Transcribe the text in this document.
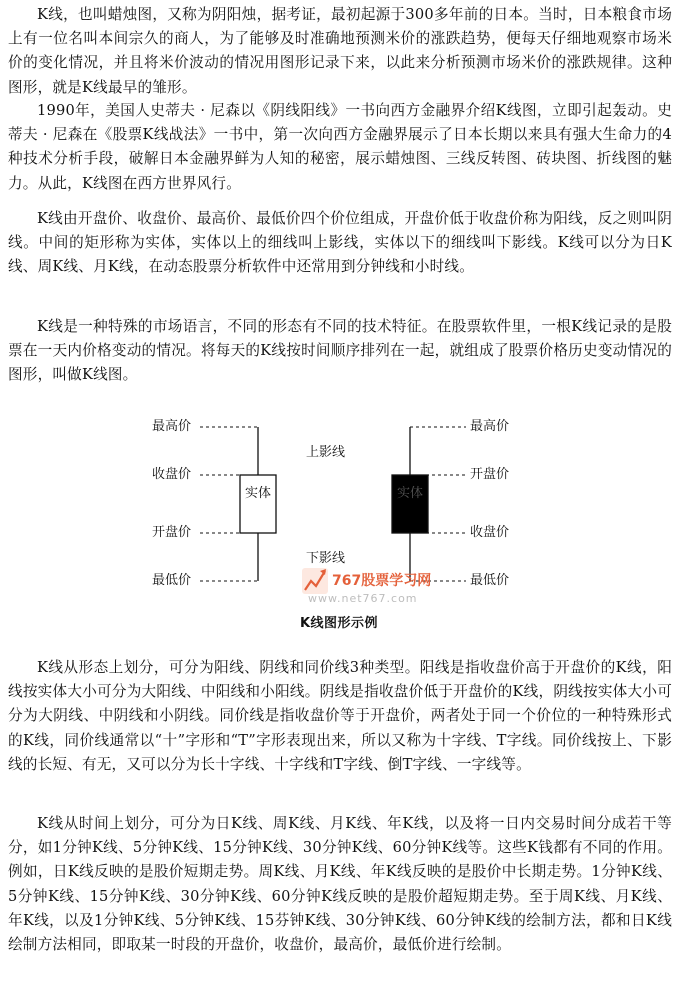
K线，也叫蜡烛图，又称为阴阳烛，据考证，最初起源于300多年前的日本。当时，日本粮食市场上有一位名叫本间宗久的商人，为了能够及时准确地预测米价的涨跌趋势，便每天仔细地观察市场米价的变化情况，并且将米价波动的情况用图形记录下来，以此来分析预测市场米价的涨跌规律。这种图形，就是K线最早的雏形。

1990年，美国人史蒂夫 · 尼森以《阴线阳线》一书向西方金融界介绍K线图，立即引起轰动。史蒂夫 · 尼森在《股票K线战法》一书中，第一次向西方金融界展示了日本长期以来具有强大生命力的4种技术分析手段，破解日本金融界鲜为人知的秘密，展示蜡烛图、三线反转图、砖块图、折线图的魅力。从此，K线图在西方世界风行。

K线由开盘价、收盘价、最高价、最低价四个价位组成，开盘价低于收盘价称为阳线，反之则叫阴线。中间的矩形称为实体，实体以上的细线叫上影线，实体以下的细线叫下影线。K线可以分为日K线、周K线、月K线，在动态股票分析软件中还常用到分钟线和小时线。

K线是一种特殊的市场语言，不同的形态有不同的技术特征。在股票软件里，一根K线记录的是股票在一天内价格变动的情况。将每天的K线按时间顺序排列在一起，就组成了股票价格历史变动情况的图形，叫做K线图。

最高价
收盘价
开盘价
最低价
实体
上影线
下影线
最高价
开盘价
收盘价
最低价
实体
767股票学习网
www.net767.com
K线图形示例

K线从形态上划分，可分为阳线、阴线和同价线3种类型。阳线是指收盘价高于开盘价的K线，阳线按实体大小可分为大阳线、中阳线和小阳线。阴线是指收盘价低于开盘价的K线，阴线按实体大小可分为大阴线、中阴线和小阴线。同价线是指收盘价等于开盘价，两者处于同一个价位的一种特殊形式的K线，同价线通常以“十”字形和“T”字形表现出来，所以又称为十字线、T字线。同价线按上、下影线的长短、有无，又可以分为长十字线、十字线和T字线、倒T字线、一字线等。

K线从时间上划分，可分为日K线、周K线、月K线、年K线，以及将一日内交易时间分成若干等分，如1分钟K线、5分钟K线、15分钟K线、30分钟K线、60分钟K线等。这些K钱都有不同的作用。例如，日K线反映的是股价短期走势。周K线、月K线、年K线反映的是股价中长期走势。1分钟K线、5分钟K线、15分钟K线、30分钟K线、60分钟K线反映的是股价超短期走势。至于周K线、月K线、年K线，以及1分钟K线、5分钟K线、15芬钟K线、30分钟K线、60分钟K线的绘制方法，都和日K线绘制方法相同，即取某一时段的开盘价，收盘价，最高价，最低价进行绘制。
